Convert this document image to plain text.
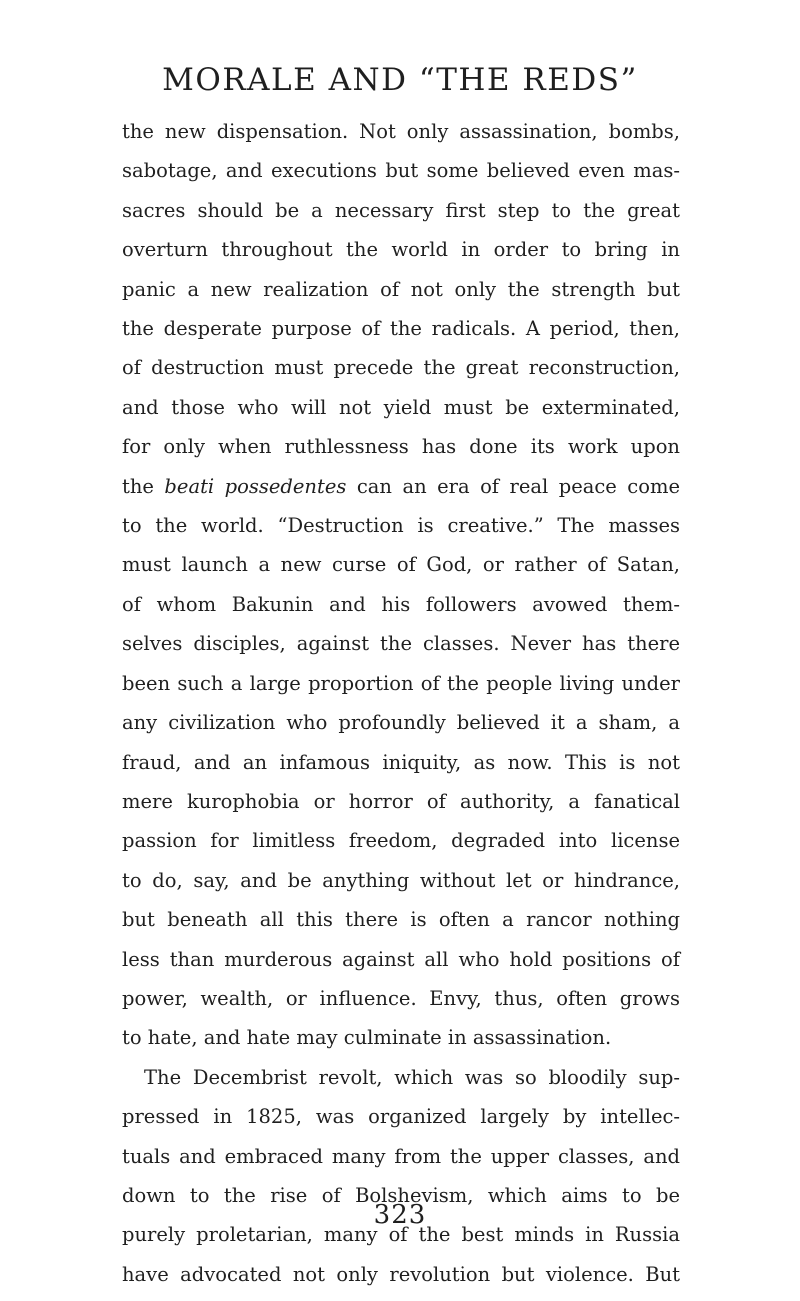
MORALE AND “THE REDS”
the new dispensation. Not only assassination, bombs,
sabotage, and executions but some believed even mas-
sacres should be a necessary first step to the great
overturn throughout the world in order to bring in
panic a new realization of not only the strength but
the desperate purpose of the radicals. A period, then,
of destruction must precede the great reconstruction,
and those who will not yield must be exterminated,
for only when ruthlessness has done its work upon
the beati possedentes can an era of real peace come
to the world. “Destruction is creative.” The masses
must launch a new curse of God, or rather of Satan,
of whom Bakunin and his followers avowed them-
selves disciples, against the classes. Never has there
been such a large proportion of the people living under
any civilization who profoundly believed it a sham, a
fraud, and an infamous iniquity, as now. This is not
mere kurophobia or horror of authority, a fanatical
passion for limitless freedom, degraded into license
to do, say, and be anything without let or hindrance,
but beneath all this there is often a rancor nothing
less than murderous against all who hold positions of
power, wealth, or influence. Envy, thus, often grows
to hate, and hate may culminate in assassination.
The Decembrist revolt, which was so bloodily sup-
pressed in 1825, was organized largely by intellec-
tuals and embraced many from the upper classes, and
down to the rise of Bolshevism, which aims to be
purely proletarian, many of the best minds in Russia
have advocated not only revolution but violence. But
323
